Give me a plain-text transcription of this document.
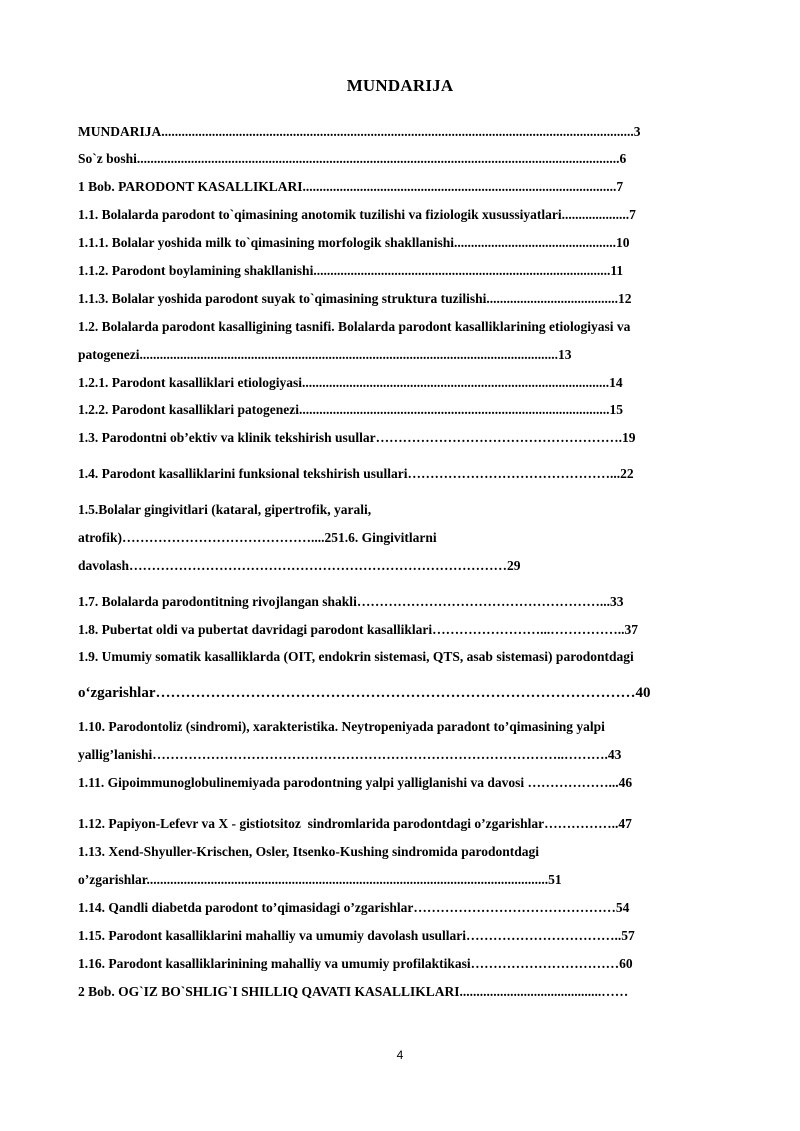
MUNDARIJA
MUNDARIJA............................................................................................................................................3
So`z boshi...............................................................................................................................................6
1 Bob. PARODONT KASALLIKLARI.............................................................................................7
1.1. Bolalarda parodont to`qimasining anotomik tuzilishi va fiziologik xusussiyatlari....................7
1.1.1. Bolalar yoshida milk to`qimasining morfologik shakllanishi................................................10
1.1.2. Parodont boylamining shakllanishi........................................................................................11
1.1.3. Bolalar yoshida parodont suyak to`qimasining struktura tuzilishi.......................................12
1.2. Bolalarda parodont kasalligining tasnifi. Bolalarda parodont kasalliklarining etiologiyasi va
patogenezi............................................................................................................................13
1.2.1. Parodont kasalliklari etiologiyasi...........................................................................................14
1.2.2. Parodont kasalliklari patogenezi............................................................................................15
1.3. Parodontni ob’ektiv va klinik tekshirish usullar……………………………………………….19
1.4. Parodont kasalliklarini funksional tekshirish usullari………………………………………...22
1.5.Bolalar gingivitlari (kataral, gipertrofik, yarali,
atrofik)……………………………………....251.6. Gingivitlarni
davolash…………………………………………………………………………29
1.7. Bolalarda parodontitning rivojlangan shakli………………………………………………...33
1.8. Pubertat oldi va pubertat davridagi parodont kasalliklari……………………...……………..37
1.9. Umumiy somatik kasalliklarda (OIT, endokrin sistemasi, QTS, asab sistemasi) parodontdagi
o‘zgarishlar……………………………………………………………………………………40
1.10. Parodontoliz (sindromi), xarakteristika. Neytropeniyada paradont to’qimasining yalpi
yallig’lanishi………………………………………………………………………………..……….43
1.11. Gipoimmunoglobulinemiyada parodontning yalpi yalliglanishi va davosi ………………...46
1.12. Papiyon-Lefevr va X - gistiotsitoz  sindromlarida parodontdagi o’zgarishlar……………..47
1.13. Xend-Shyuller-Krischen, Osler, Itsenko-Kushing sindromida parodontdagi
o’zgarishlar.......................................................................................................................51
1.14. Qandli diabetda parodont to’qimasidagi o’zgarishlar………………………………………54
1.15. Parodont kasalliklarini mahalliy va umumiy davolash usullari……………………………..57
1.16. Parodont kasalliklarinining mahalliy va umumiy profilaktikasi……………………………60
2 Bob. OG`IZ BO`SHLIG`I SHILLIQ QAVATI KASALLIKLARI..........................................……
4
